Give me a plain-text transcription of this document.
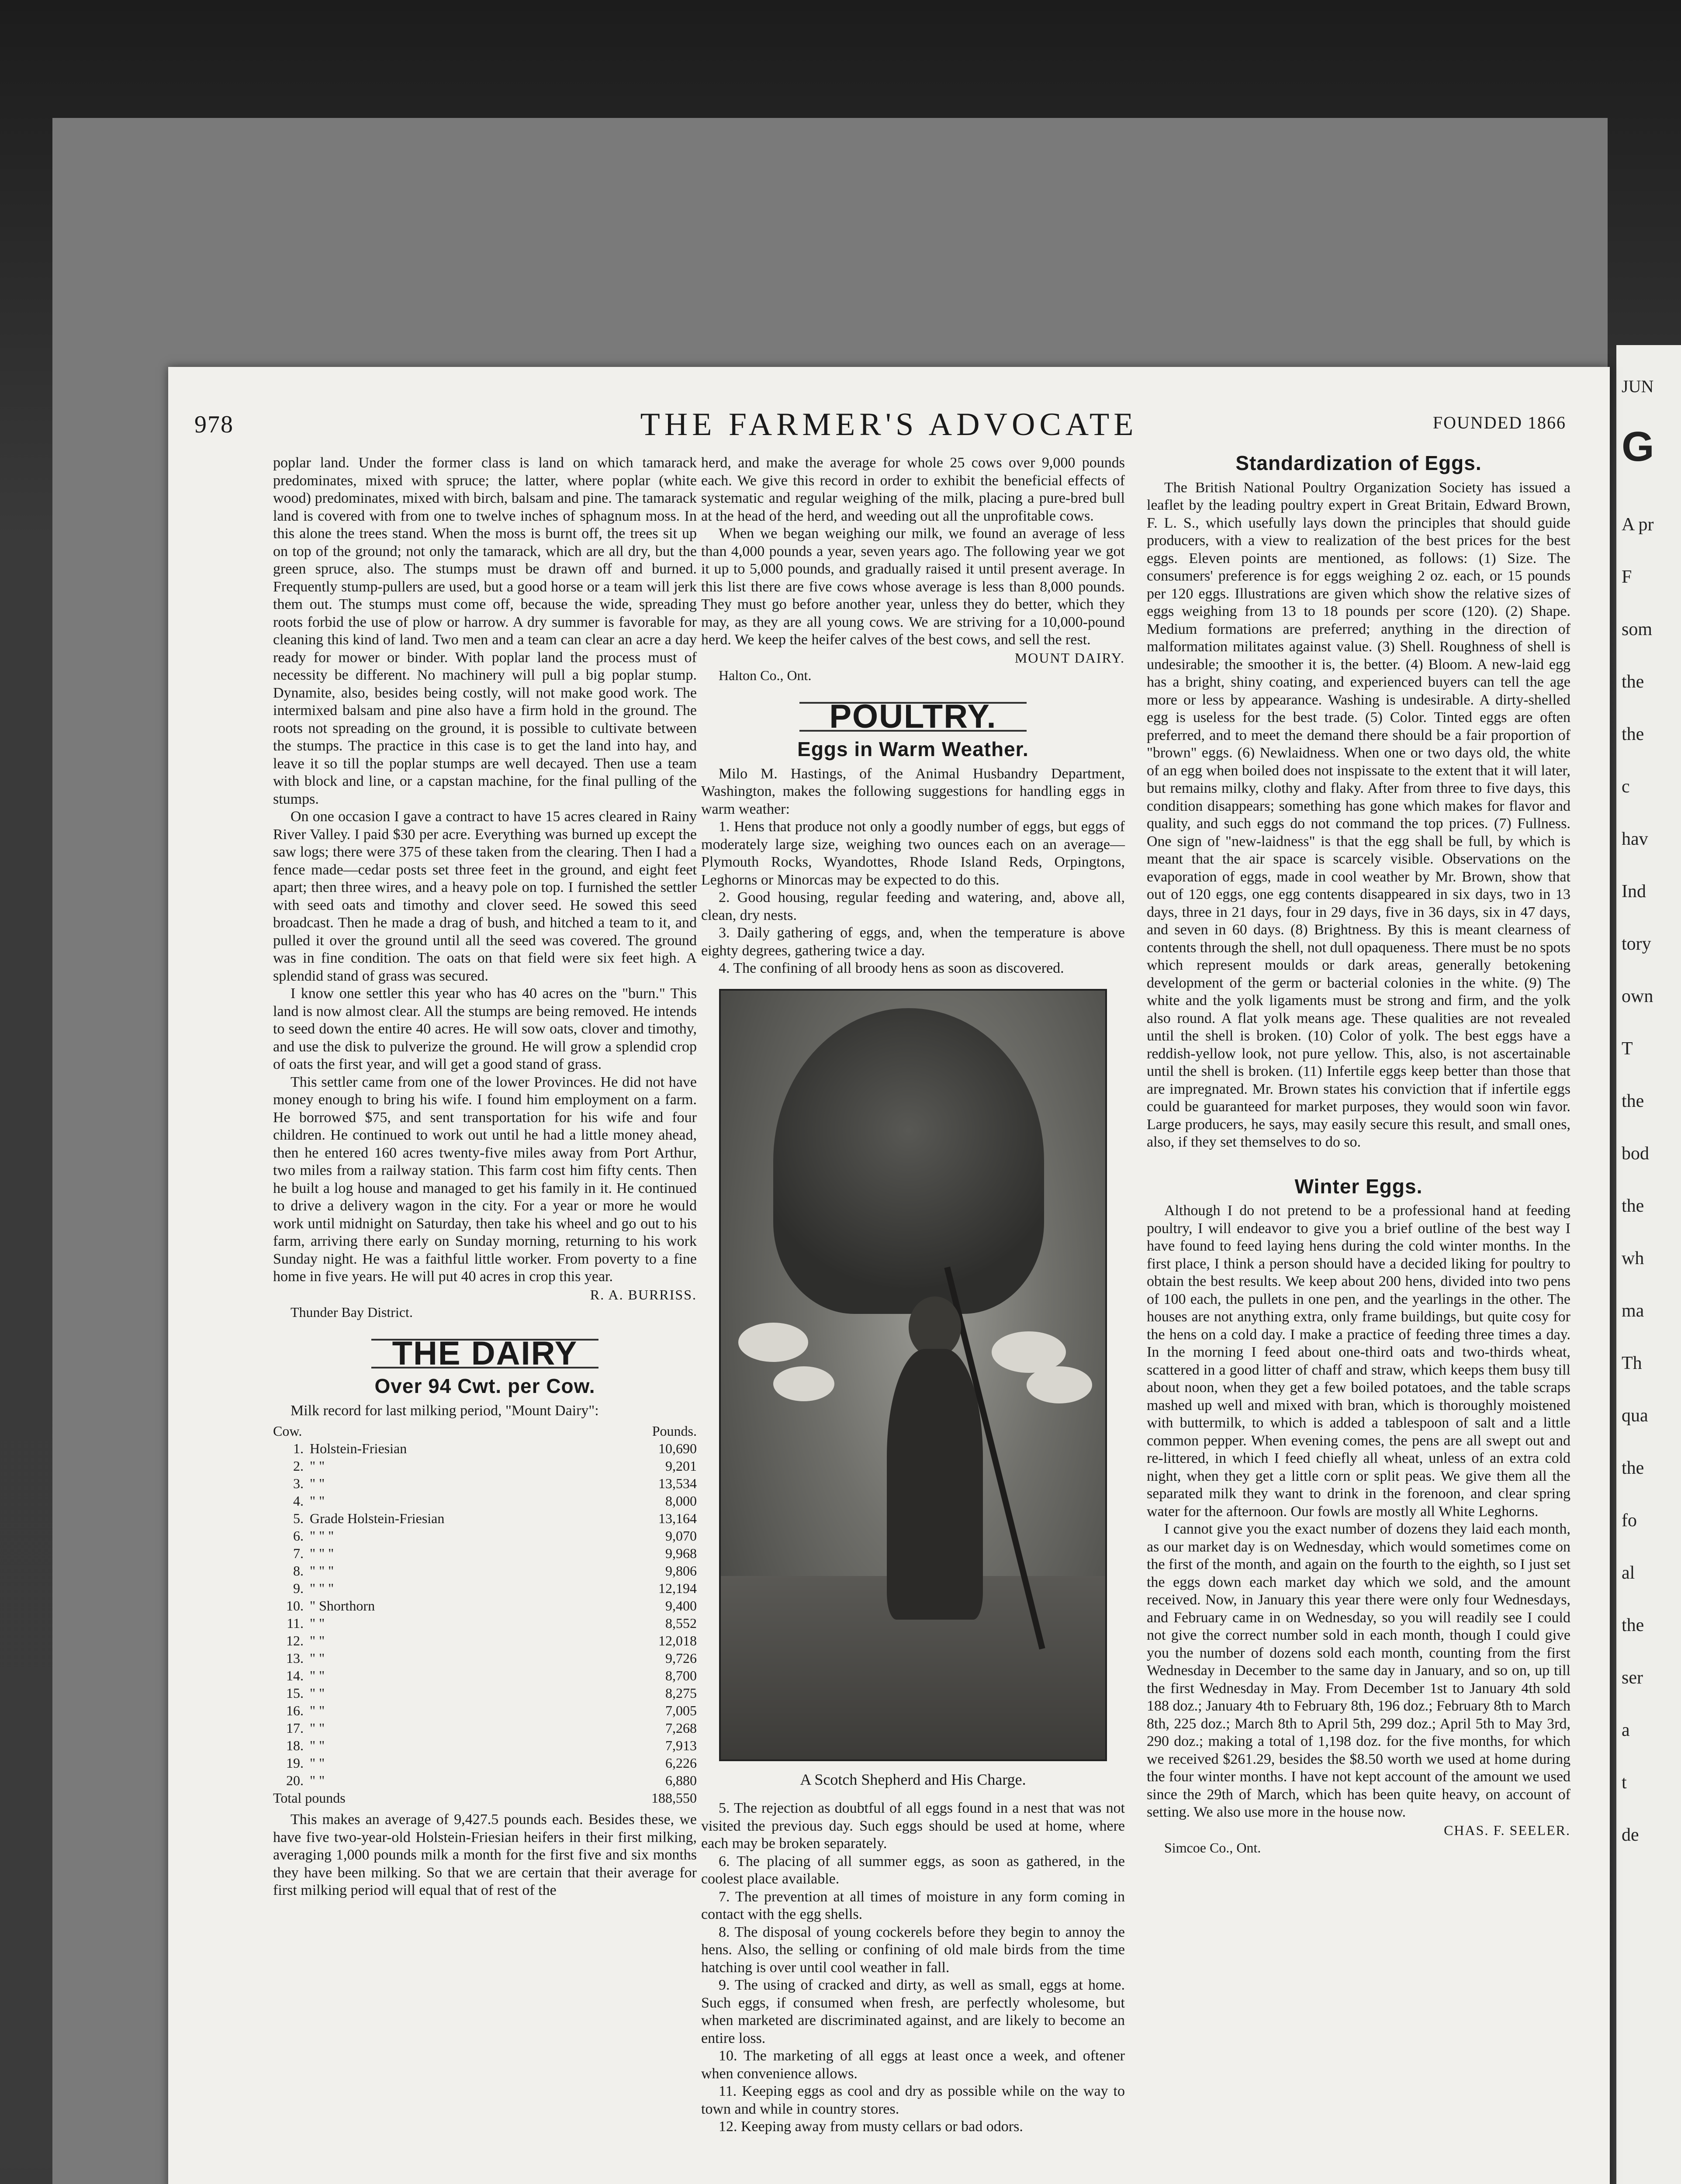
JUN
G
A pr
F
som
the
the
c
hav
Ind
tory
own
T
the
bod
the
wh
ma
Th
qua
the
fo
al
the
ser
a
t
de
978	THE FARMER'S ADVOCATE	FOUNDED 1866

poplar land. Under the former class is land on which tamarack predominates, mixed with spruce; the latter, where poplar (white wood) predominates, mixed with birch, balsam and pine. The tamarack land is covered with from one to twelve inches of sphagnum moss. In this alone the trees stand. When the moss is burnt off, the trees sit up on top of the ground; not only the tamarack, which are all dry, but the green spruce, also. The stumps must be drawn off and burned. Frequently stump-pullers are used, but a good horse or a team will jerk them out. The stumps must come off, because the wide, spreading roots forbid the use of plow or harrow. A dry summer is favorable for cleaning this kind of land. Two men and a team can clear an acre a day ready for mower or binder. With poplar land the process must of necessity be different. No machinery will pull a big poplar stump. Dynamite, also, besides being costly, will not make good work. The intermixed balsam and pine also have a firm hold in the ground. The roots not spreading on the ground, it is possible to cultivate between the stumps. The practice in this case is to get the land into hay, and leave it so till the poplar stumps are well decayed. Then use a team with block and line, or a capstan machine, for the final pulling of the stumps.

On one occasion I gave a contract to have 15 acres cleared in Rainy River Valley. I paid $30 per acre. Everything was burned up except the saw logs; there were 375 of these taken from the clearing. Then I had a fence made—cedar posts set three feet in the ground, and eight feet apart; then three wires, and a heavy pole on top. I furnished the settler with seed oats and timothy and clover seed. He sowed this seed broadcast. Then he made a drag of bush, and hitched a team to it, and pulled it over the ground until all the seed was covered. The ground was in fine condition. The oats on that field were six feet high. A splendid stand of grass was secured.

I know one settler this year who has 40 acres on the "burn." This land is now almost clear. All the stumps are being removed. He intends to seed down the entire 40 acres. He will sow oats, clover and timothy, and use the disk to pulverize the ground. He will grow a splendid crop of oats the first year, and will get a good stand of grass.

This settler came from one of the lower Provinces. He did not have money enough to bring his wife. I found him employment on a farm. He borrowed $75, and sent transportation for his wife and four children. He continued to work out until he had a little money ahead, then he entered 160 acres twenty-five miles away from Port Arthur, two miles from a railway station. This farm cost him fifty cents. Then he built a log house and managed to get his family in it. He continued to drive a delivery wagon in the city. For a year or more he would work until midnight on Saturday, then take his wheel and go out to his farm, arriving there early on Sunday morning, returning to his work Sunday night. He was a faithful little worker. From poverty to a fine home in five years. He will put 40 acres in crop this year.

R. A. BURRISS.

Thunder Bay District.

THE DAIRY
Over 94 Cwt. per Cow.

Milk record for last milking period, "Mount Dairy":

Cow.		Pounds.
1.	Holstein-Friesian	10,690
2.	" "	9,201
3.	" "	13,534
4.	" "	8,000
5.	Grade Holstein-Friesian	13,164
6.	" " "	9,070
7.	" " "	9,968
8.	" " "	9,806
9.	" " "	12,194
10.	" Shorthorn	9,400
11.	" "	8,552
12.	" "	12,018
13.	" "	9,726
14.	" "	8,700
15.	" "	8,275
16.	" "	7,005
17.	" "	7,268
18.	" "	7,913
19.	" "	6,226
20.	" "	6,880
Total pounds		188,550

This makes an average of 9,427.5 pounds each. Besides these, we have five two-year-old Holstein-Friesian heifers in their first milking, averaging 1,000 pounds milk a month for the first five and six months they have been milking. So that we are certain that their average for first milking period will equal that of rest of the

herd, and make the average for whole 25 cows over 9,000 pounds each. We give this record in order to exhibit the beneficial effects of systematic and regular weighing of the milk, placing a pure-bred bull at the head of the herd, and weeding out all the unprofitable cows.

When we began weighing our milk, we found an average of less than 4,000 pounds a year, seven years ago. The following year we got it up to 5,000 pounds, and gradually raised it until present average. In this list there are five cows whose average is less than 8,000 pounds. They must go before another year, unless they do better, which they may, as they are all young cows. We are striving for a 10,000-pound herd. We keep the heifer calves of the best cows, and sell the rest.

MOUNT DAIRY.

Halton Co., Ont.

POULTRY.
Eggs in Warm Weather.

Milo M. Hastings, of the Animal Husbandry Department, Washington, makes the following suggestions for handling eggs in warm weather:

1. Hens that produce not only a goodly number of eggs, but eggs of moderately large size, weighing two ounces each on an average—Plymouth Rocks, Wyandottes, Rhode Island Reds, Orpingtons, Leghorns or Minorcas may be expected to do this.

2. Good housing, regular feeding and watering, and, above all, clean, dry nests.

3. Daily gathering of eggs, and, when the temperature is above eighty degrees, gathering twice a day.

4. The confining of all broody hens as soon as discovered.

A Scotch Shepherd and His Charge.

5. The rejection as doubtful of all eggs found in a nest that was not visited the previous day. Such eggs should be used at home, where each may be broken separately.

6. The placing of all summer eggs, as soon as gathered, in the coolest place available.

7. The prevention at all times of moisture in any form coming in contact with the egg shells.

8. The disposal of young cockerels before they begin to annoy the hens. Also, the selling or confining of old male birds from the time hatching is over until cool weather in fall.

9. The using of cracked and dirty, as well as small, eggs at home. Such eggs, if consumed when fresh, are perfectly wholesome, but when marketed are discriminated against, and are likely to become an entire loss.

10. The marketing of all eggs at least once a week, and oftener when convenience allows.

11. Keeping eggs as cool and dry as possible while on the way to town and while in country stores.

12. Keeping away from musty cellars or bad odors.

Standardization of Eggs.

The British National Poultry Organization Society has issued a leaflet by the leading poultry expert in Great Britain, Edward Brown, F. L. S., which usefully lays down the principles that should guide producers, with a view to realization of the best prices for the best eggs. Eleven points are mentioned, as follows: (1) Size. The consumers' preference is for eggs weighing 2 oz. each, or 15 pounds per 120 eggs. Illustrations are given which show the relative sizes of eggs weighing from 13 to 18 pounds per score (120). (2) Shape. Medium formations are preferred; anything in the direction of malformation militates against value. (3) Shell. Roughness of shell is undesirable; the smoother it is, the better. (4) Bloom. A new-laid egg has a bright, shiny coating, and experienced buyers can tell the age more or less by appearance. Washing is undesirable. A dirty-shelled egg is useless for the best trade. (5) Color. Tinted eggs are often preferred, and to meet the demand there should be a fair proportion of "brown" eggs. (6) Newlaidness. When one or two days old, the white of an egg when boiled does not inspissate to the extent that it will later, but remains milky, clothy and flaky. After from three to five days, this condition disappears; something has gone which makes for flavor and quality, and such eggs do not command the top prices. (7) Fullness. One sign of "new-laidness" is that the egg shall be full, by which is meant that the air space is scarcely visible. Observations on the evaporation of eggs, made in cool weather by Mr. Brown, show that out of 120 eggs, one egg contents disappeared in six days, two in 13 days, three in 21 days, four in 29 days, five in 36 days, six in 47 days, and seven in 60 days. (8) Brightness. By this is meant clearness of contents through the shell, not dull opaqueness. There must be no spots which represent moulds or dark areas, generally betokening development of the germ or bacterial colonies in the white. (9) The white and the yolk ligaments must be strong and firm, and the yolk also round. A flat yolk means age. These qualities are not revealed until the shell is broken. (10) Color of yolk. The best eggs have a reddish-yellow look, not pure yellow. This, also, is not ascertainable until the shell is broken. (11) Infertile eggs keep better than those that are impregnated. Mr. Brown states his conviction that if infertile eggs could be guaranteed for market purposes, they would soon win favor. Large producers, he says, may easily secure this result, and small ones, also, if they set themselves to do so.

Winter Eggs.

Although I do not pretend to be a professional hand at feeding poultry, I will endeavor to give you a brief outline of the best way I have found to feed laying hens during the cold winter months. In the first place, I think a person should have a decided liking for poultry to obtain the best results. We keep about 200 hens, divided into two pens of 100 each, the pullets in one pen, and the yearlings in the other. The houses are not anything extra, only frame buildings, but quite cosy for the hens on a cold day. I make a practice of feeding three times a day. In the morning I feed about one-third oats and two-thirds wheat, scattered in a good litter of chaff and straw, which keeps them busy till about noon, when they get a few boiled potatoes, and the table scraps mashed up well and mixed with bran, which is thoroughly moistened with buttermilk, to which is added a tablespoon of salt and a little common pepper. When evening comes, the pens are all swept out and re-littered, in which I feed chiefly all wheat, unless of an extra cold night, when they get a little corn or split peas. We give them all the separated milk they want to drink in the forenoon, and clear spring water for the afternoon. Our fowls are mostly all White Leghorns.

I cannot give you the exact number of dozens they laid each month, as our market day is on Wednesday, which would sometimes come on the first of the month, and again on the fourth to the eighth, so I just set the eggs down each market day which we sold, and the amount received. Now, in January this year there were only four Wednesdays, and February came in on Wednesday, so you will readily see I could not give the correct number sold in each month, though I could give you the number of dozens sold each month, counting from the first Wednesday in December to the same day in January, and so on, up till the first Wednesday in May. From December 1st to January 4th sold 188 doz.; January 4th to February 8th, 196 doz.; February 8th to March 8th, 225 doz.; March 8th to April 5th, 299 doz.; April 5th to May 3rd, 290 doz.; making a total of 1,198 doz. for the five months, for which we received $261.29, besides the $8.50 worth we used at home during the four winter months. I have not kept account of the amount we used since the 29th of March, which has been quite heavy, on account of setting. We also use more in the house now.

CHAS. F. SEELER.

Simcoe Co., Ont.
